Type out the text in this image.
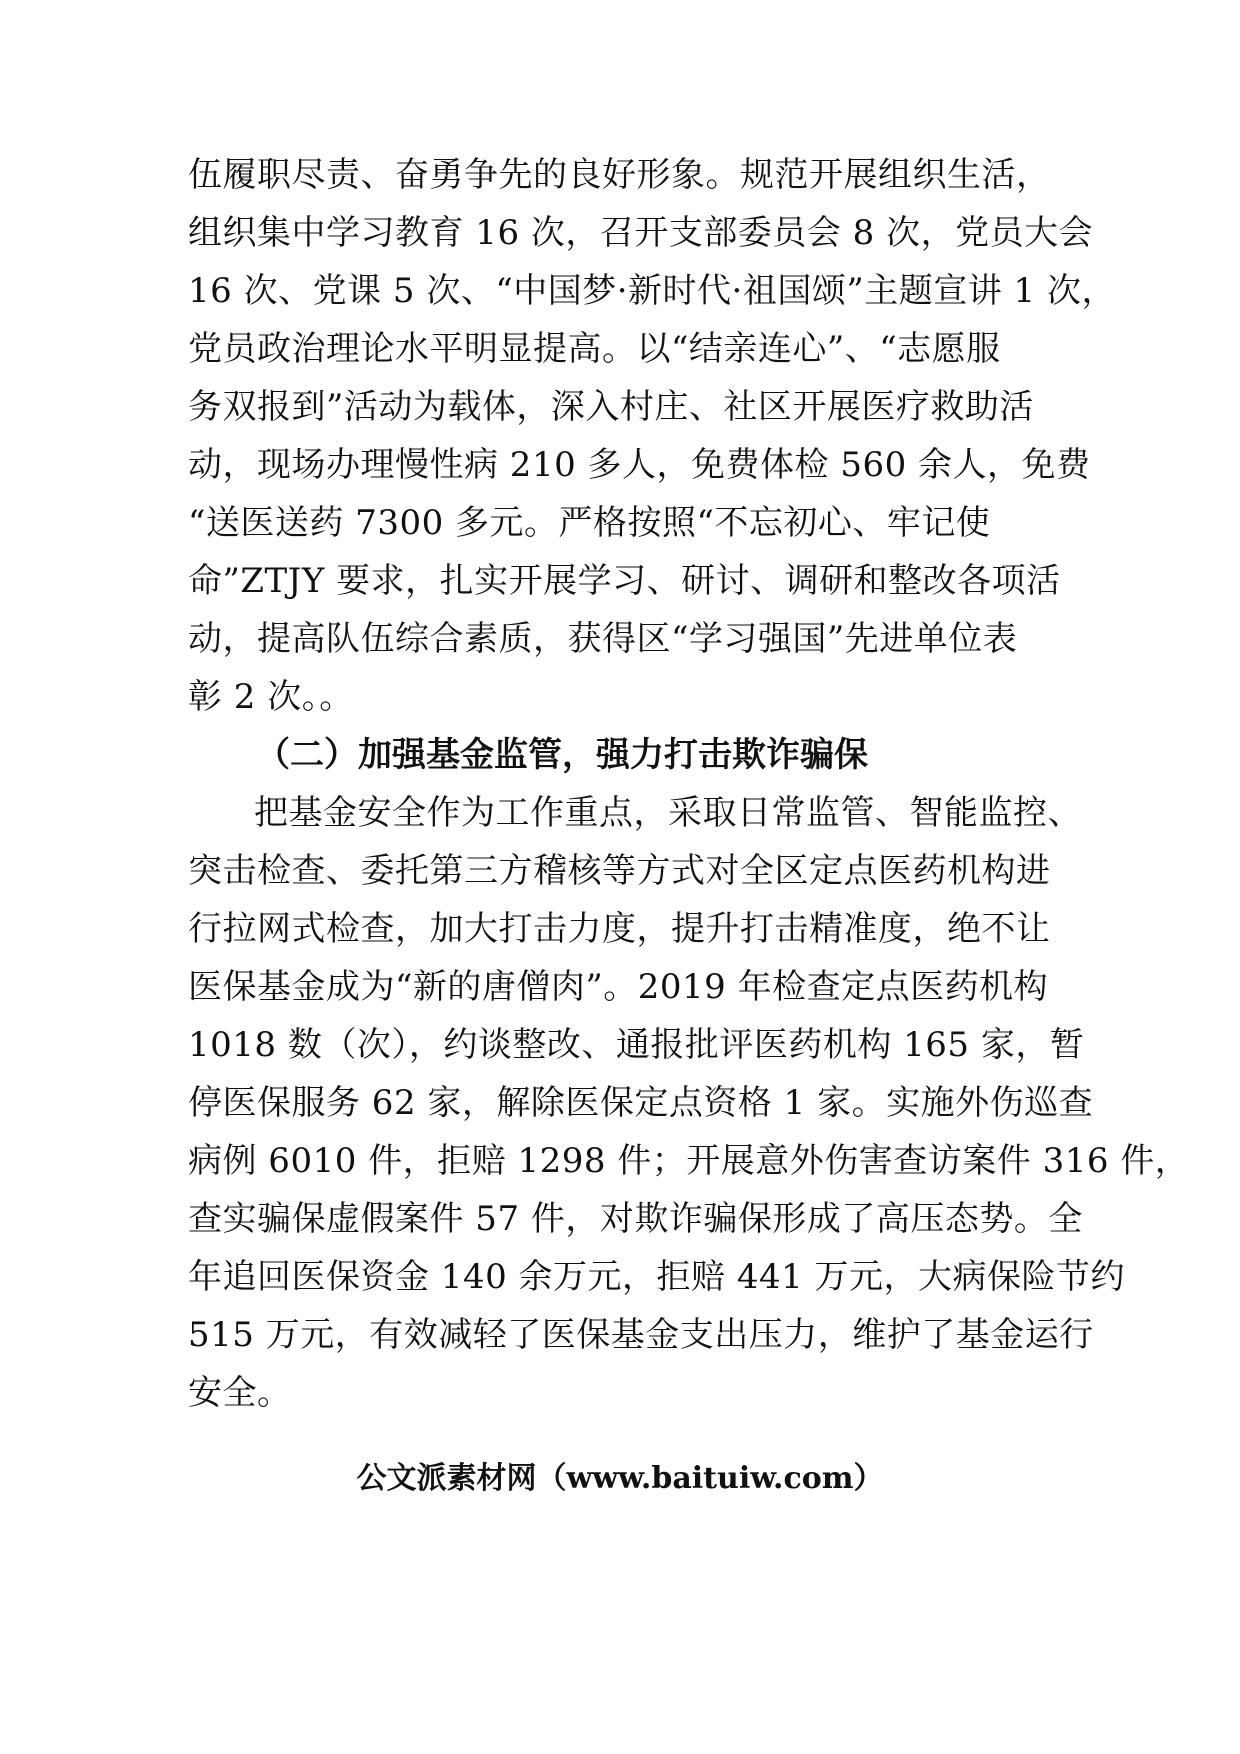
伍履职尽责、奋勇争先的良好形象。规范开展组织生活，
组织集中学习教育 16 次，召开支部委员会 8 次，党员大会
16 次、党课 5 次、“中国梦·新时代·祖国颂”主题宣讲 1 次，
党员政治理论水平明显提高。以“结亲连心”、“志愿服
务双报到”活动为载体，深入村庄、社区开展医疗救助活
动，现场办理慢性病 210 多人，免费体检 560 余人，免费
“送医送药 7300 多元。严格按照“不忘初心、牢记使
命”ZTJY 要求，扎实开展学习、研讨、调研和整改各项活
动，提高队伍综合素质，获得区“学习强国”先进单位表
彰 2 次。。
（二）加强基金监管，强力打击欺诈骗保
把基金安全作为工作重点，采取日常监管、智能监控、
突击检查、委托第三方稽核等方式对全区定点医药机构进
行拉网式检查，加大打击力度，提升打击精准度，绝不让
医保基金成为“新的唐僧肉”。2019 年检查定点医药机构
1018 数（次），约谈整改、通报批评医药机构 165 家，暂
停医保服务 62 家，解除医保定点资格 1 家。实施外伤巡查
病例 6010 件，拒赔 1298 件；开展意外伤害查访案件 316 件，
查实骗保虚假案件 57 件，对欺诈骗保形成了高压态势。全
年追回医保资金 140 余万元，拒赔 441 万元，大病保险节约
515 万元，有效减轻了医保基金支出压力，维护了基金运行
安全。
公文派素材网（www.baituiw.com）
